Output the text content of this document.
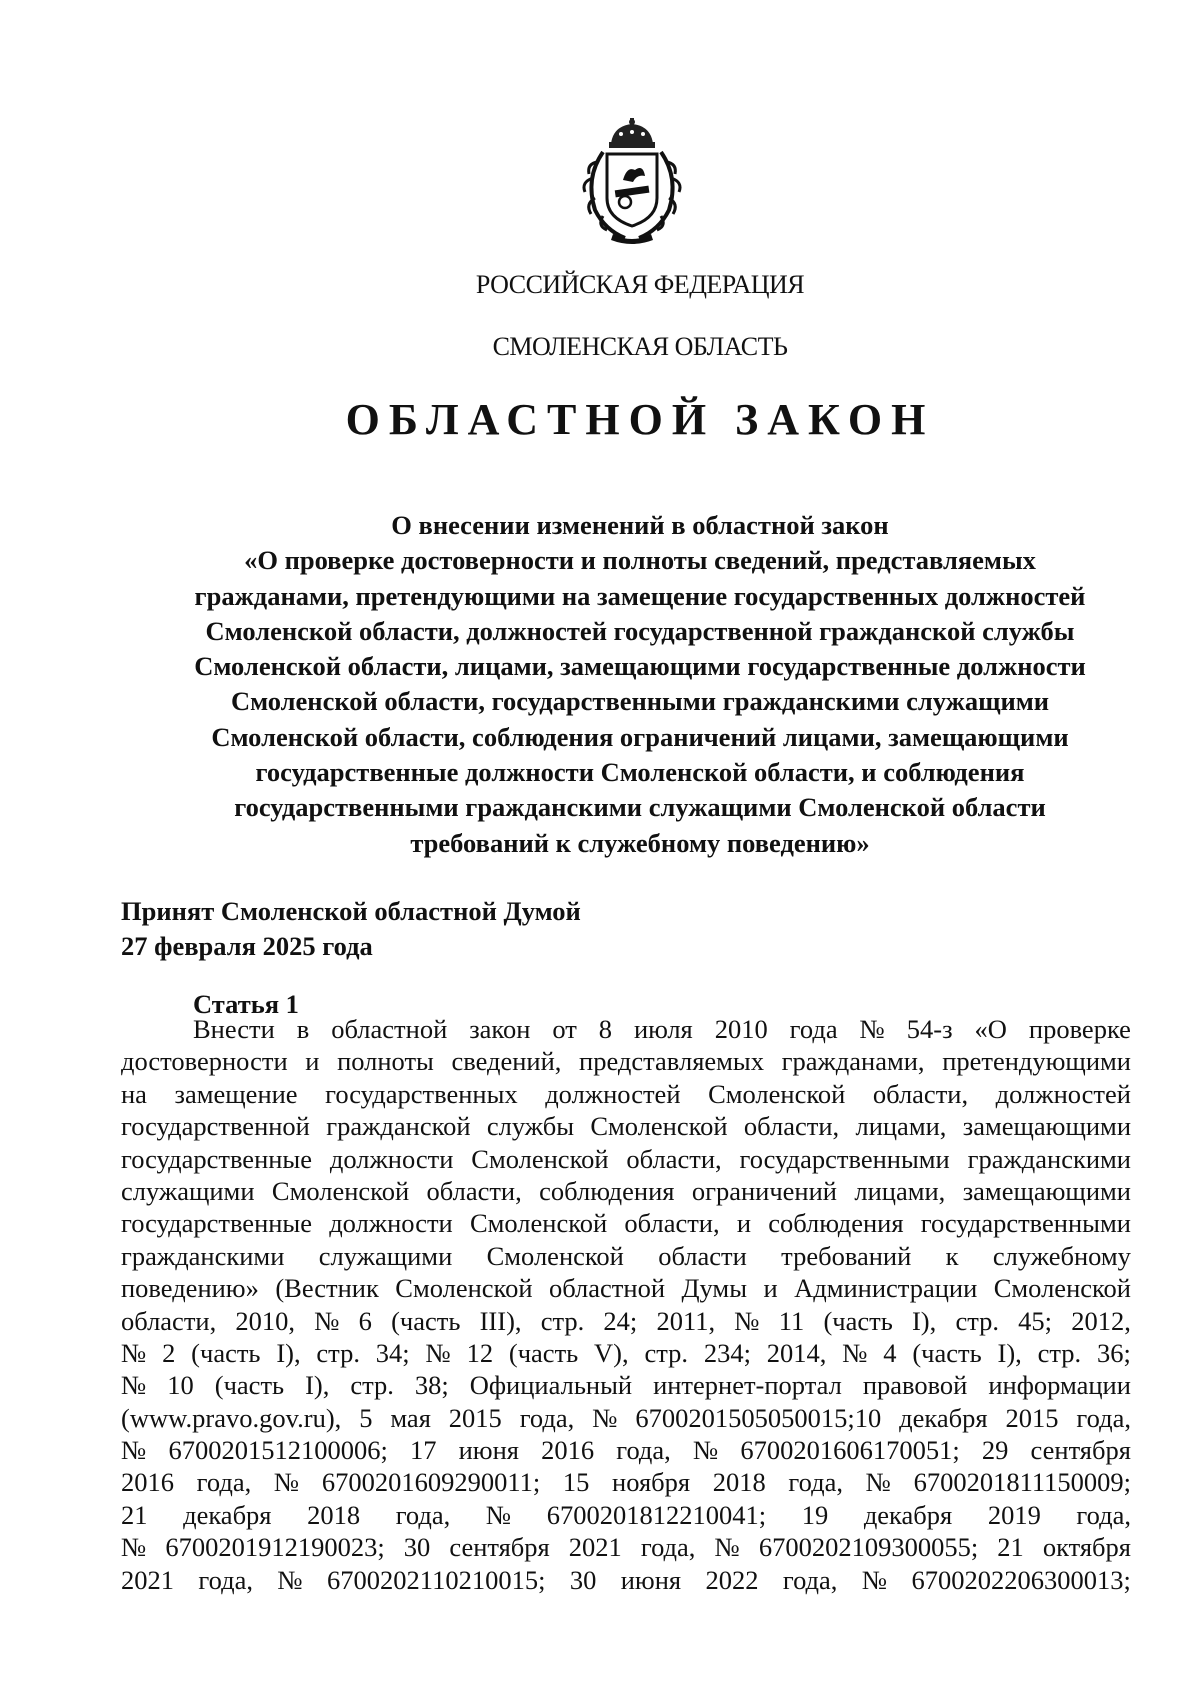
РОССИЙСКАЯ ФЕДЕРАЦИЯ
СМОЛЕНСКАЯ ОБЛАСТЬ
ОБЛАСТНОЙ ЗАКОН
О внесении изменений в областной закон
«О проверке достоверности и полноты сведений, представляемых
гражданами, претендующими на замещение государственных должностей
Смоленской области, должностей государственной гражданской службы
Смоленской области, лицами, замещающими государственные должности
Смоленской области, государственными гражданскими служащими
Смоленской области, соблюдения ограничений лицами, замещающими
государственные должности Смоленской области, и соблюдения
государственными гражданскими служащими Смоленской области
требований к служебному поведению»
Принят Смоленской областной Думой
27 февраля 2025 года
Статья 1
Внести в областной закон от 8 июля 2010 года № 54-з «О проверке
достоверности и полноты сведений, представляемых гражданами, претендующими
на замещение государственных должностей Смоленской области, должностей
государственной гражданской службы Смоленской области, лицами, замещающими
государственные должности Смоленской области, государственными гражданскими
служащими Смоленской области, соблюдения ограничений лицами, замещающими
государственные должности Смоленской области, и соблюдения государственными
гражданскими служащими Смоленской области требований к служебному
поведению» (Вестник Смоленской областной Думы и Администрации Смоленской
области, 2010, № 6 (часть III), стр. 24; 2011, № 11 (часть I), стр. 45; 2012,
№ 2 (часть I), стр. 34; № 12 (часть V), стр. 234; 2014, № 4 (часть I), стр. 36;
№ 10 (часть I), стр. 38; Официальный интернет-портал правовой информации
(www.pravo.gov.ru), 5 мая 2015 года, № 6700201505050015;10 декабря 2015 года,
№ 6700201512100006; 17 июня 2016 года, № 6700201606170051; 29 сентября
2016 года, № 6700201609290011; 15 ноября 2018 года, № 6700201811150009;
21 декабря 2018 года, № 6700201812210041; 19 декабря 2019 года,
№ 6700201912190023; 30 сентября 2021 года, № 6700202109300055; 21 октября
2021 года, № 6700202110210015; 30 июня 2022 года, № 6700202206300013;
